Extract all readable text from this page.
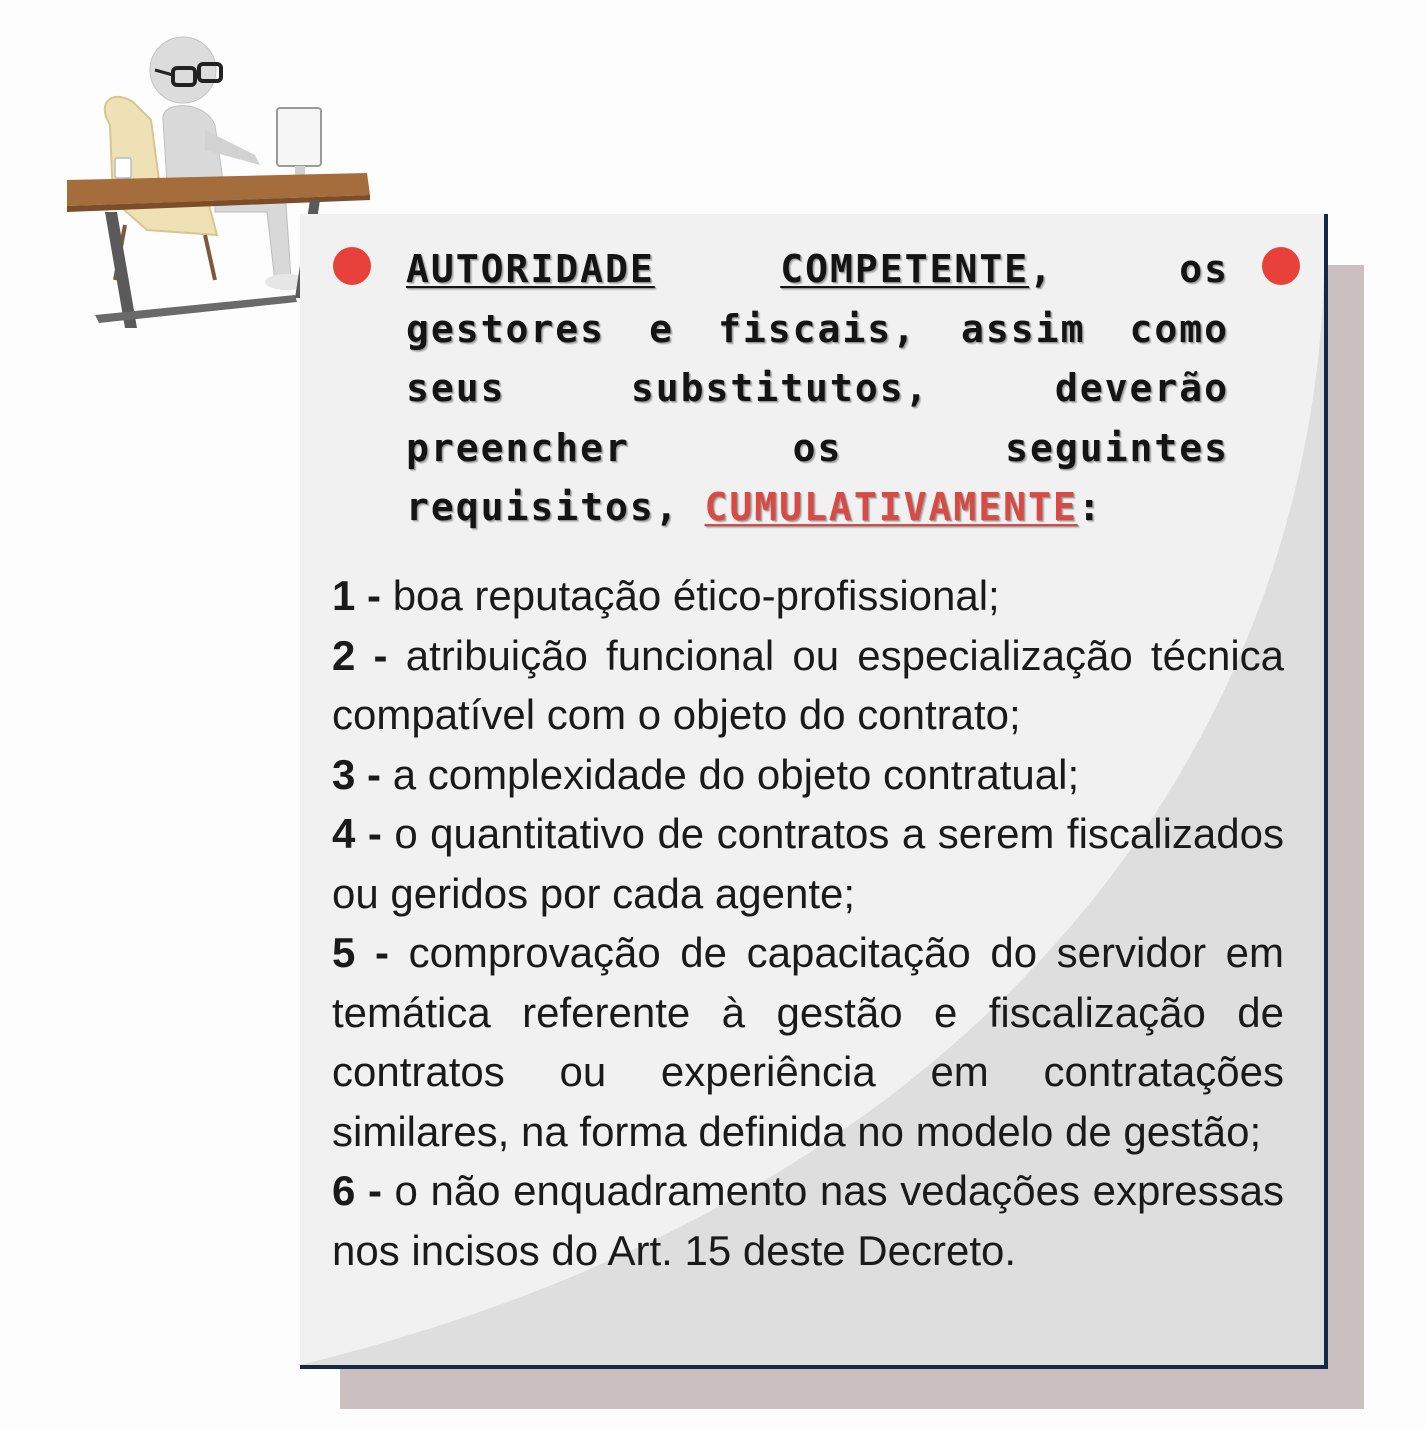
AUTORIDADE	COMPETENTE, os gestores e fiscais, assim como seus substitutos, deverão preencher os seguintes requisitos, CUMULATIVAMENTE:

1 - boa reputação ético-profissional;

2 - atribuição funcional ou especialização técnica compatível com o objeto do contrato;

3 - a complexidade do objeto contratual;

4 - o quantitativo de contratos a serem fiscalizados ou geridos por cada agente;

5 - comprovação de capacitação do servidor em temática referente à gestão e fiscalização de contratos ou experiência em contratações similares, na forma definida no modelo de gestão;

6 - o não enquadramento nas vedações expressas nos incisos do Art. 15 deste Decreto.
